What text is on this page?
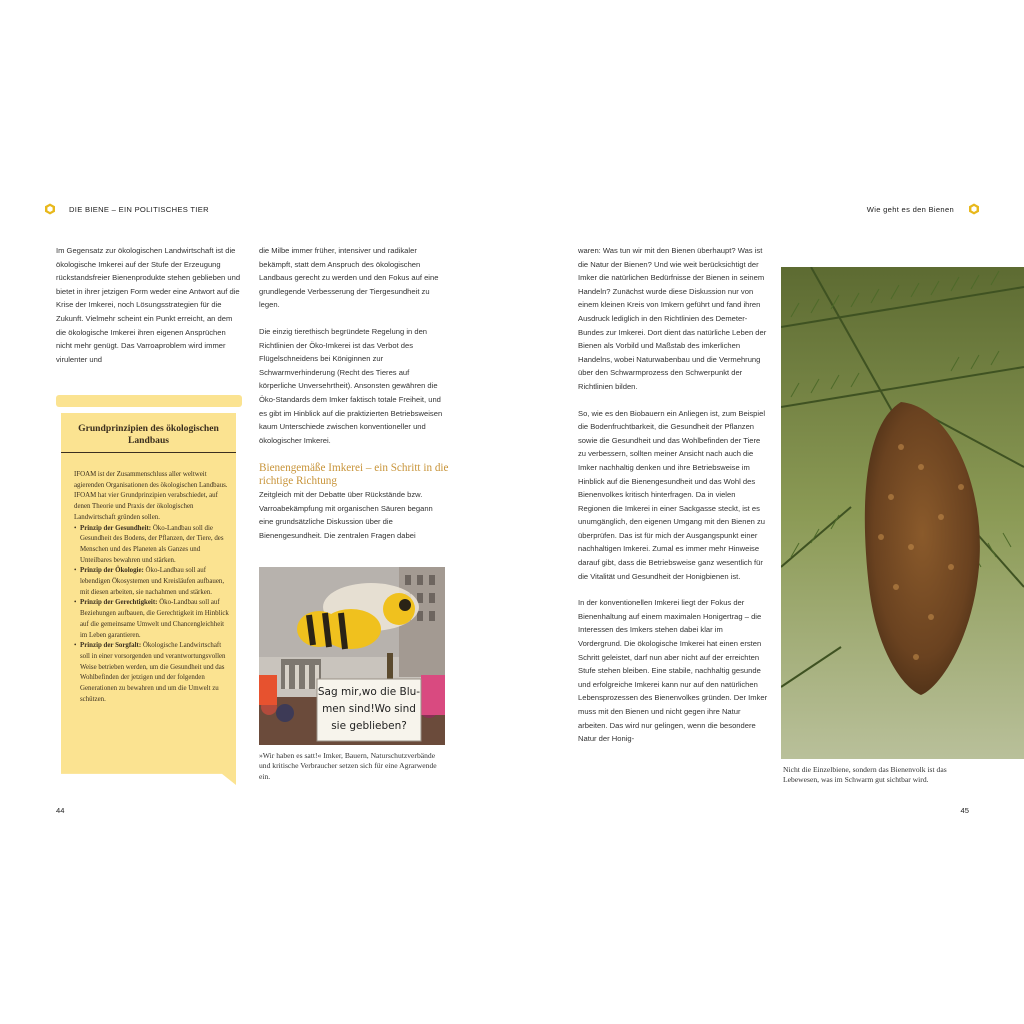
DIE BIENE – EIN POLITISCHES TIER	Wie geht es den Bienen

Im Gegensatz zur ökologischen Landwirtschaft ist die ökologische Imkerei auf der Stufe der Erzeugung rückstandsfreier Bienenprodukte stehen geblieben und bietet in ihrer jetzigen Form weder eine Antwort auf die Krise der Imkerei, noch Lösungsstrategien für die Zukunft. Vielmehr scheint ein Punkt erreicht, an dem die ökologische Imkerei ihren eigenen Ansprüchen nicht mehr genügt. Das Varroaproblem wird immer virulenter und

Grundprinzipien des ökologischen Landbaus
IFOAM ist der Zusammenschluss aller weltweit agierenden Organisationen des ökologischen Landbaus. IFOAM hat vier Grundprinzipien verabschiedet, auf denen Theorie und Praxis der ökologischen Landwirtschaft gründen sollen.
• Prinzip der Gesundheit: Öko-Landbau soll die Gesundheit des Bodens, der Pflanzen, der Tiere, des Menschen und des Planeten als Ganzes und Unteilbares bewahren und stärken.
• Prinzip der Ökologie: Öko-Landbau soll auf lebendigen Ökosystemen und Kreisläufen aufbauen, mit diesen arbeiten, sie nachahmen und stärken.
• Prinzip der Gerechtigkeit: Öko-Landbau soll auf Beziehungen aufbauen, die Gerechtigkeit im Hinblick auf die gemeinsame Umwelt und Chancengleichheit im Leben garantieren.
• Prinzip der Sorgfalt: Ökologische Landwirtschaft soll in einer vorsorgenden und verantwortungsvollen Weise betrieben werden, um die Gesundheit und das Wohlbefinden der jetzigen und der folgenden Generationen zu bewahren und um die Umwelt zu schützen.

die Milbe immer früher, intensiver und radikaler bekämpft, statt dem Anspruch des ökologischen Landbaus gerecht zu werden und den Fokus auf eine grundlegende Verbesserung der Tiergesundheit zu legen.

Die einzig tierethisch begründete Regelung in den Richtlinien der Öko-Imkerei ist das Verbot des Flügelschneidens bei Königinnen zur Schwarmverhinderung (Recht des Tieres auf körperliche Unversehrtheit). Ansonsten gewähren die Öko-Standards dem Imker faktisch totale Freiheit, und es gibt im Hinblick auf die praktizierten Betriebsweisen kaum Unterschiede zwischen konventioneller und ökologischer Imkerei.

Bienengemäße Imkerei – ein Schritt in die richtige Richtung

Zeitgleich mit der Debatte über Rückstände bzw. Varroabekämpfung mit organischen Säuren begann eine grundsätzliche Diskussion über die Bienengesundheit. Die zentralen Fragen dabei

Sag mir,wo die Blu-
men sind!Wo sind
sie geblieben?
»Wir haben es satt!« Imker, Bauern, Naturschutzverbände und kritische Verbraucher setzen sich für eine Agrarwende ein.
44

waren: Was tun wir mit den Bienen überhaupt? Was ist die Natur der Bienen? Und wie weit berücksichtigt der Imker die natürlichen Bedürfnisse der Bienen in seinem Handeln? Zunächst wurde diese Diskussion nur von einem kleinen Kreis von Imkern geführt und fand ihren Ausdruck lediglich in den Richtlinien des Demeter-Bundes zur Imkerei. Dort dient das natürliche Leben der Bienen als Vorbild und Maßstab des imkerlichen Handelns, wobei Naturwabenbau und die Vermehrung über den Schwarmprozess den Schwerpunkt der Richtlinien bilden.

So, wie es den Biobauern ein Anliegen ist, zum Beispiel die Bodenfruchtbarkeit, die Gesundheit der Pflanzen sowie die Gesundheit und das Wohlbefinden der Tiere zu verbessern, sollten meiner Ansicht nach auch die Imker nachhaltig denken und ihre Betriebsweise im Hinblick auf die Bienengesundheit und das Wohl des Bienenvolkes kritisch hinterfragen. Da in vielen Regionen die Imkerei in einer Sackgasse steckt, ist es unumgänglich, den eigenen Umgang mit den Bienen zu überprüfen. Das ist für mich der Ausgangspunkt einer nachhaltigen Imkerei. Zumal es immer mehr Hinweise darauf gibt, dass die Betriebsweise ganz wesentlich für die Vitalität und Gesundheit der Honigbienen ist.

In der konventionellen Imkerei liegt der Fokus der Bienenhaltung auf einem maximalen Honigertrag – die Interessen des Imkers stehen dabei klar im Vordergrund. Die ökologische Imkerei hat einen ersten Schritt geleistet, darf nun aber nicht auf der erreichten Stufe stehen bleiben. Eine stabile, nachhaltig gesunde und erfolgreiche Imkerei kann nur auf den natürlichen Lebensprozessen des Bienenvolkes gründen. Der Imker muss mit den Bienen und nicht gegen ihre Natur arbeiten. Das wird nur gelingen, wenn die besondere Natur der Honig-

Nicht die Einzelbiene, sondern das Bienenvolk ist das Lebewesen, was im Schwarm gut sichtbar wird.
45
